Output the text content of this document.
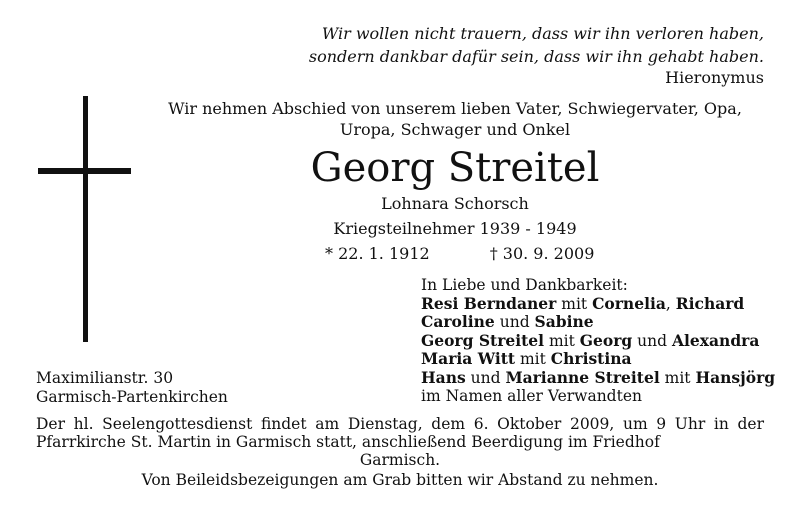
Wir wollen nicht trauern, dass wir ihn verloren haben,
sondern dankbar dafür sein, dass wir ihn gehabt haben.
Hieronymus
Wir nehmen Abschied von unserem lieben Vater, Schwiegervater, Opa,
Uropa, Schwager und Onkel
Georg Streitel
Lohnara Schorsch
Kriegsteilnehmer 1939 - 1949
* 22. 1. 1912	† 30. 9. 2009
In Liebe und Dankbarkeit:
Resi Berndaner mit Cornelia, Richard
Caroline und Sabine
Georg Streitel mit Georg und Alexandra
Maria Witt mit Christina
Hans und Marianne Streitel mit Hansjörg
im Namen aller Verwandten
Maximilianstr. 30
Garmisch-Partenkirchen
Der hl. Seelengottesdienst findet am Dienstag, dem 6. Oktober 2009, um 9 Uhr in der Pfarrkirche St. Martin in Garmisch statt, anschließend Beerdigung im Friedhof
Garmisch.
Von Beileidsbezeigungen am Grab bitten wir Abstand zu nehmen.
